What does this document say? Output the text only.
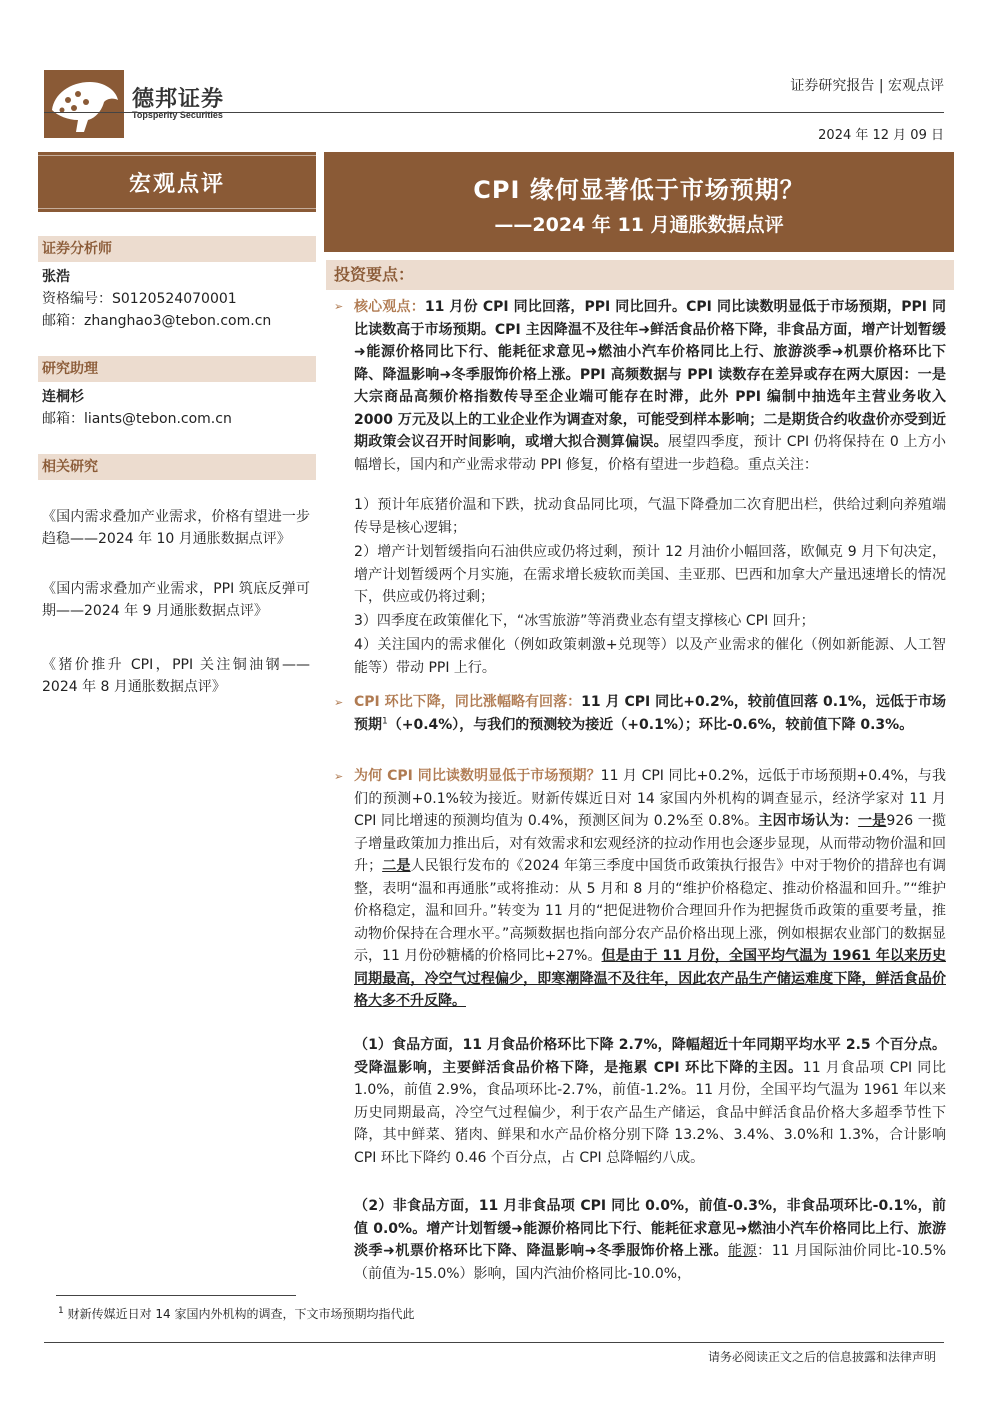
德邦证券
Topsperity Securities
证券研究报告 | 宏观点评
2024 年 12 月 09 日
宏观点评
证券分析师
张浩
资格编号：S0120524070001
邮箱：zhanghao3@tebon.com.cn
研究助理
连桐杉
邮箱：liants@tebon.com.cn
相关研究
《国内需求叠加产业需求，价格有望进一步趋稳——2024 年 10 月通胀数据点评》
《国内需求叠加产业需求，PPI 筑底反弹可期——2024 年 9 月通胀数据点评》
《猪价推升 CPI，PPI 关注铜油钢——2024 年 8 月通胀数据点评》
CPI 缘何显著低于市场预期？
——2024 年 11 月通胀数据点评
投资要点：
➢ 核心观点：11 月份 CPI 同比回落，PPI 同比回升。CPI 同比读数明显低于市场预期，PPI 同比读数高于市场预期。CPI 主因降温不及往年➜鲜活食品价格下降，非食品方面，增产计划暂缓➜能源价格同比下行、能耗征求意见➜燃油小汽车价格同比上行、旅游淡季➜机票价格环比下降、降温影响➜冬季服饰价格上涨。PPI 高频数据与 PPI 读数存在差异或存在两大原因：一是大宗商品高频价格指数传导至企业端可能存在时滞，此外 PPI 编制中抽选年主营业务收入 2000 万元及以上的工业企业作为调查对象，可能受到样本影响；二是期货合约收盘价亦受到近期政策会议召开时间影响，或增大拟合测算偏误。展望四季度，预计 CPI 仍将保持在 0 上方小幅增长，国内和产业需求带动 PPI 修复，价格有望进一步趋稳。重点关注：
1）预计年底猪价温和下跌，扰动食品同比项，气温下降叠加二次育肥出栏，供给过剩向养殖端传导是核心逻辑；
2）增产计划暂缓指向石油供应或仍将过剩，预计 12 月油价小幅回落，欧佩克 9 月下旬决定，增产计划暂缓两个月实施，在需求增长疲软而美国、圭亚那、巴西和加拿大产量迅速增长的情况下，供应或仍将过剩；
3）四季度在政策催化下，“冰雪旅游”等消费业态有望支撑核心 CPI 回升；
4）关注国内的需求催化（例如政策刺激+兑现等）以及产业需求的催化（例如新能源、人工智能等）带动 PPI 上行。
➢ CPI 环比下降，同比涨幅略有回落：11 月 CPI 同比+0.2%，较前值回落 0.1%，远低于市场预期$^1$（+0.4%），与我们的预测较为接近（+0.1%）；环比-0.6%，较前值下降 0.3%。
➢ 为何 CPI 同比读数明显低于市场预期？11 月 CPI 同比+0.2%，远低于市场预期+0.4%，与我们的预测+0.1%较为接近。财新传媒近日对 14 家国内外机构的调查显示，经济学家对 11 月 CPI 同比增速的预测均值为 0.4%，预测区间为 0.2%至 0.8%。主因市场认为：一是926 一揽子增量政策加力推出后，对有效需求和宏观经济的拉动作用也会逐步显现，从而带动物价温和回升；二是人民银行发布的《2024 年第三季度中国货币政策执行报告》中对于物价的措辞也有调整，表明“温和再通胀”或将推动：从 5 月和 8 月的“维护价格稳定、推动价格温和回升。”“维护价格稳定，温和回升。”转变为 11 月的“把促进物价合理回升作为把握货币政策的重要考量，推动物价保持在合理水平。”高频数据也指向部分农产品价格出现上涨，例如根据农业部门的数据显示，11 月份砂糖橘的价格同比+27%。但是由于 11 月份，全国平均气温为 1961 年以来历史同期最高，冷空气过程偏少，即寒潮降温不及往年，因此农产品生产储运难度下降，鲜活食品价格大多不升反降。
（1）食品方面，11 月食品价格环比下降 2.7%，降幅超近十年同期平均水平 2.5 个百分点。受降温影响，主要鲜活食品价格下降，是拖累 CPI 环比下降的主因。11 月食品项 CPI 同比 1.0%，前值 2.9%，食品项环比-2.7%，前值-1.2%。11 月份，全国平均气温为 1961 年以来历史同期最高，冷空气过程偏少，利于农产品生产储运，食品中鲜活食品价格大多超季节性下降，其中鲜菜、猪肉、鲜果和水产品价格分别下降 13.2%、3.4%、3.0%和 1.3%，合计影响 CPI 环比下降约 0.46 个百分点，占 CPI 总降幅约八成。
（2）非食品方面，11 月非食品项 CPI 同比 0.0%，前值-0.3%，非食品项环比-0.1%，前值 0.0%。增产计划暂缓➜能源价格同比下行、能耗征求意见➜燃油小汽车价格同比上行、旅游淡季➜机票价格环比下降、降温影响➜冬季服饰价格上涨。能源：11 月国际油价同比-10.5%（前值为-15.0%）影响，国内汽油价格同比-10.0%，
$^1$ 财新传媒近日对 14 家国内外机构的调查，下文市场预期均指代此
请务必阅读正文之后的信息披露和法律声明
